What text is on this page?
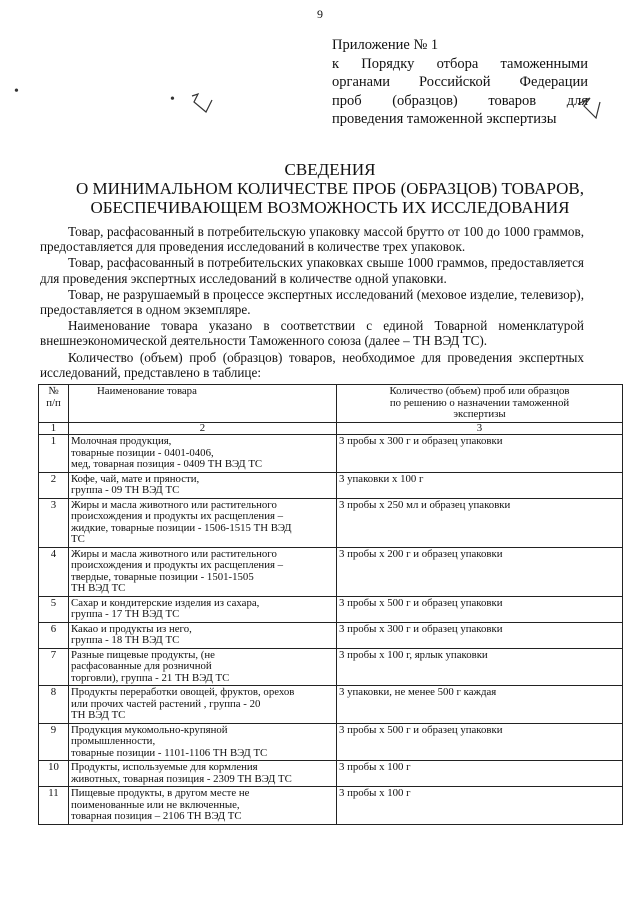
9
Приложение № 1
к Порядку отбора таможенными
органами Российской Федерации
проб (образцов) товаров для
проведения таможенной экспертизы
•
•
СВЕДЕНИЯ
О МИНИМАЛЬНОМ КОЛИЧЕСТВЕ ПРОБ (ОБРАЗЦОВ) ТОВАРОВ,
ОБЕСПЕЧИВАЮЩЕМ ВОЗМОЖНОСТЬ ИХ ИССЛЕДОВАНИЯ

Товар, расфасованный в потребительскую упаковку массой брутто от 100 до 1000 граммов, предоставляется для проведения исследований в количестве трех упаковок.

Товар, расфасованный в потребительских упаковках свыше 1000 граммов, предоставляется для проведения экспертных исследований в количестве одной упаковки.

Товар, не разрушаемый в процессе экспертных исследований (меховое изделие, телевизор), предоставляется в одном экземпляре.

Наименование товара указано в соответствии с единой Товарной номенклатурой внешнеэкономической деятельности Таможенного союза (далее – ТН ВЭД ТС).

Количество (объем) проб (образцов) товаров, необходимое для проведения экспертных исследований, представлено в таблице:

№
п/п	Наименование товара	Количество (объем) проб или образцов
по решению о назначении таможенной
экспертизы

1	2	3
1	Молочная продукция,
товарные позиции - 0401-0406,
мед, товарная позиция - 0409 ТН ВЭД ТС	3 пробы х 300 г и образец упаковки
2	Кофе, чай, мате и пряности,
группа - 09 ТН ВЭД ТС	3 упаковки х 100 г
3	Жиры и масла животного или растительного
происхождения и продукты их расщепления –
жидкие, товарные позиции - 1506-1515 ТН ВЭД
ТС	3 пробы х 250 мл и образец упаковки
4	Жиры и масла животного или растительного
происхождения и продукты их расщепления –
твердые, товарные позиции - 1501-1505
ТН ВЭД ТС	3 пробы х 200 г и образец упаковки
5	Сахар и кондитерские изделия из сахара,
группа - 17 ТН ВЭД ТС	3 пробы х 500 г и образец упаковки
6	Какао и продукты из него,
группа - 18 ТН ВЭД ТС	3 пробы х 300 г и образец упаковки
7	Разные пищевые продукты, (не
расфасованные для розничной
торговли), группа - 21 ТН ВЭД ТС	3 пробы х 100 г, ярлык упаковки
8	Продукты переработки овощей, фруктов, орехов
или прочих частей растений , группа - 20
ТН ВЭД ТС	3 упаковки, не менее 500 г каждая
9	Продукция мукомольно-крупяной
промышленности,
товарные позиции - 1101-1106 ТН ВЭД ТС	3 пробы х 500 г и образец упаковки
10	Продукты, используемые для кормления
животных, товарная позиция - 2309 ТН ВЭД ТС	3 пробы х 100 г
11	Пищевые продукты, в другом месте не
поименованные или не включенные,
товарная позиция – 2106 ТН ВЭД ТС	3 пробы х 100 г
